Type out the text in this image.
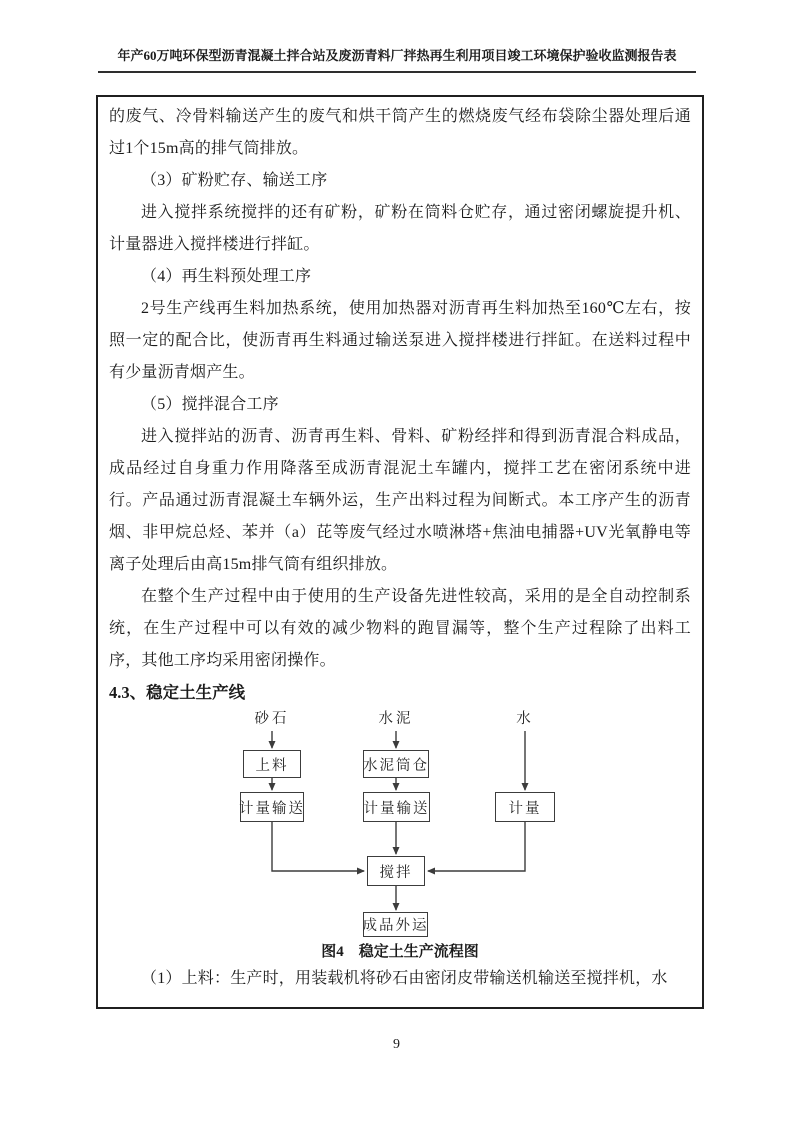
年产60万吨环保型沥青混凝土拌合站及废沥青料厂拌热再生利用项目竣工环境保护验收监测报告表

的废气、冷骨料输送产生的废气和烘干筒产生的燃烧废气经布袋除尘器处理后通过1个15m高的排气筒排放。

（3）矿粉贮存、输送工序

进入搅拌系统搅拌的还有矿粉，矿粉在筒料仓贮存，通过密闭螺旋提升机、计量器进入搅拌楼进行拌缸。

（4）再生料预处理工序

2号生产线再生料加热系统，使用加热器对沥青再生料加热至160℃左右，按照一定的配合比，使沥青再生料通过输送泵进入搅拌楼进行拌缸。在送料过程中有少量沥青烟产生。

（5）搅拌混合工序

进入搅拌站的沥青、沥青再生料、骨料、矿粉经拌和得到沥青混合料成品，成品经过自身重力作用降落至成沥青混泥土车罐内，搅拌工艺在密闭系统中进行。产品通过沥青混凝土车辆外运，生产出料过程为间断式。本工序产生的沥青烟、非甲烷总烃、苯并（a）芘等废气经过水喷淋塔+焦油电捕器+UV光氧静电等离子处理后由高15m排气筒有组织排放。

在整个生产过程中由于使用的生产设备先进性较高，采用的是全自动控制系统，在生产过程中可以有效的减少物料的跑冒漏等，整个生产过程除了出料工序，其他工序均采用密闭操作。

4.3、稳定土生产线
砂石	水泥	水
上料	水泥筒仓
计量输送	计量输送	计量
搅拌
成品外运
图4　稳定土生产流程图

（1）上料：生产时，用装载机将砂石由密闭皮带输送机输送至搅拌机，水

9
